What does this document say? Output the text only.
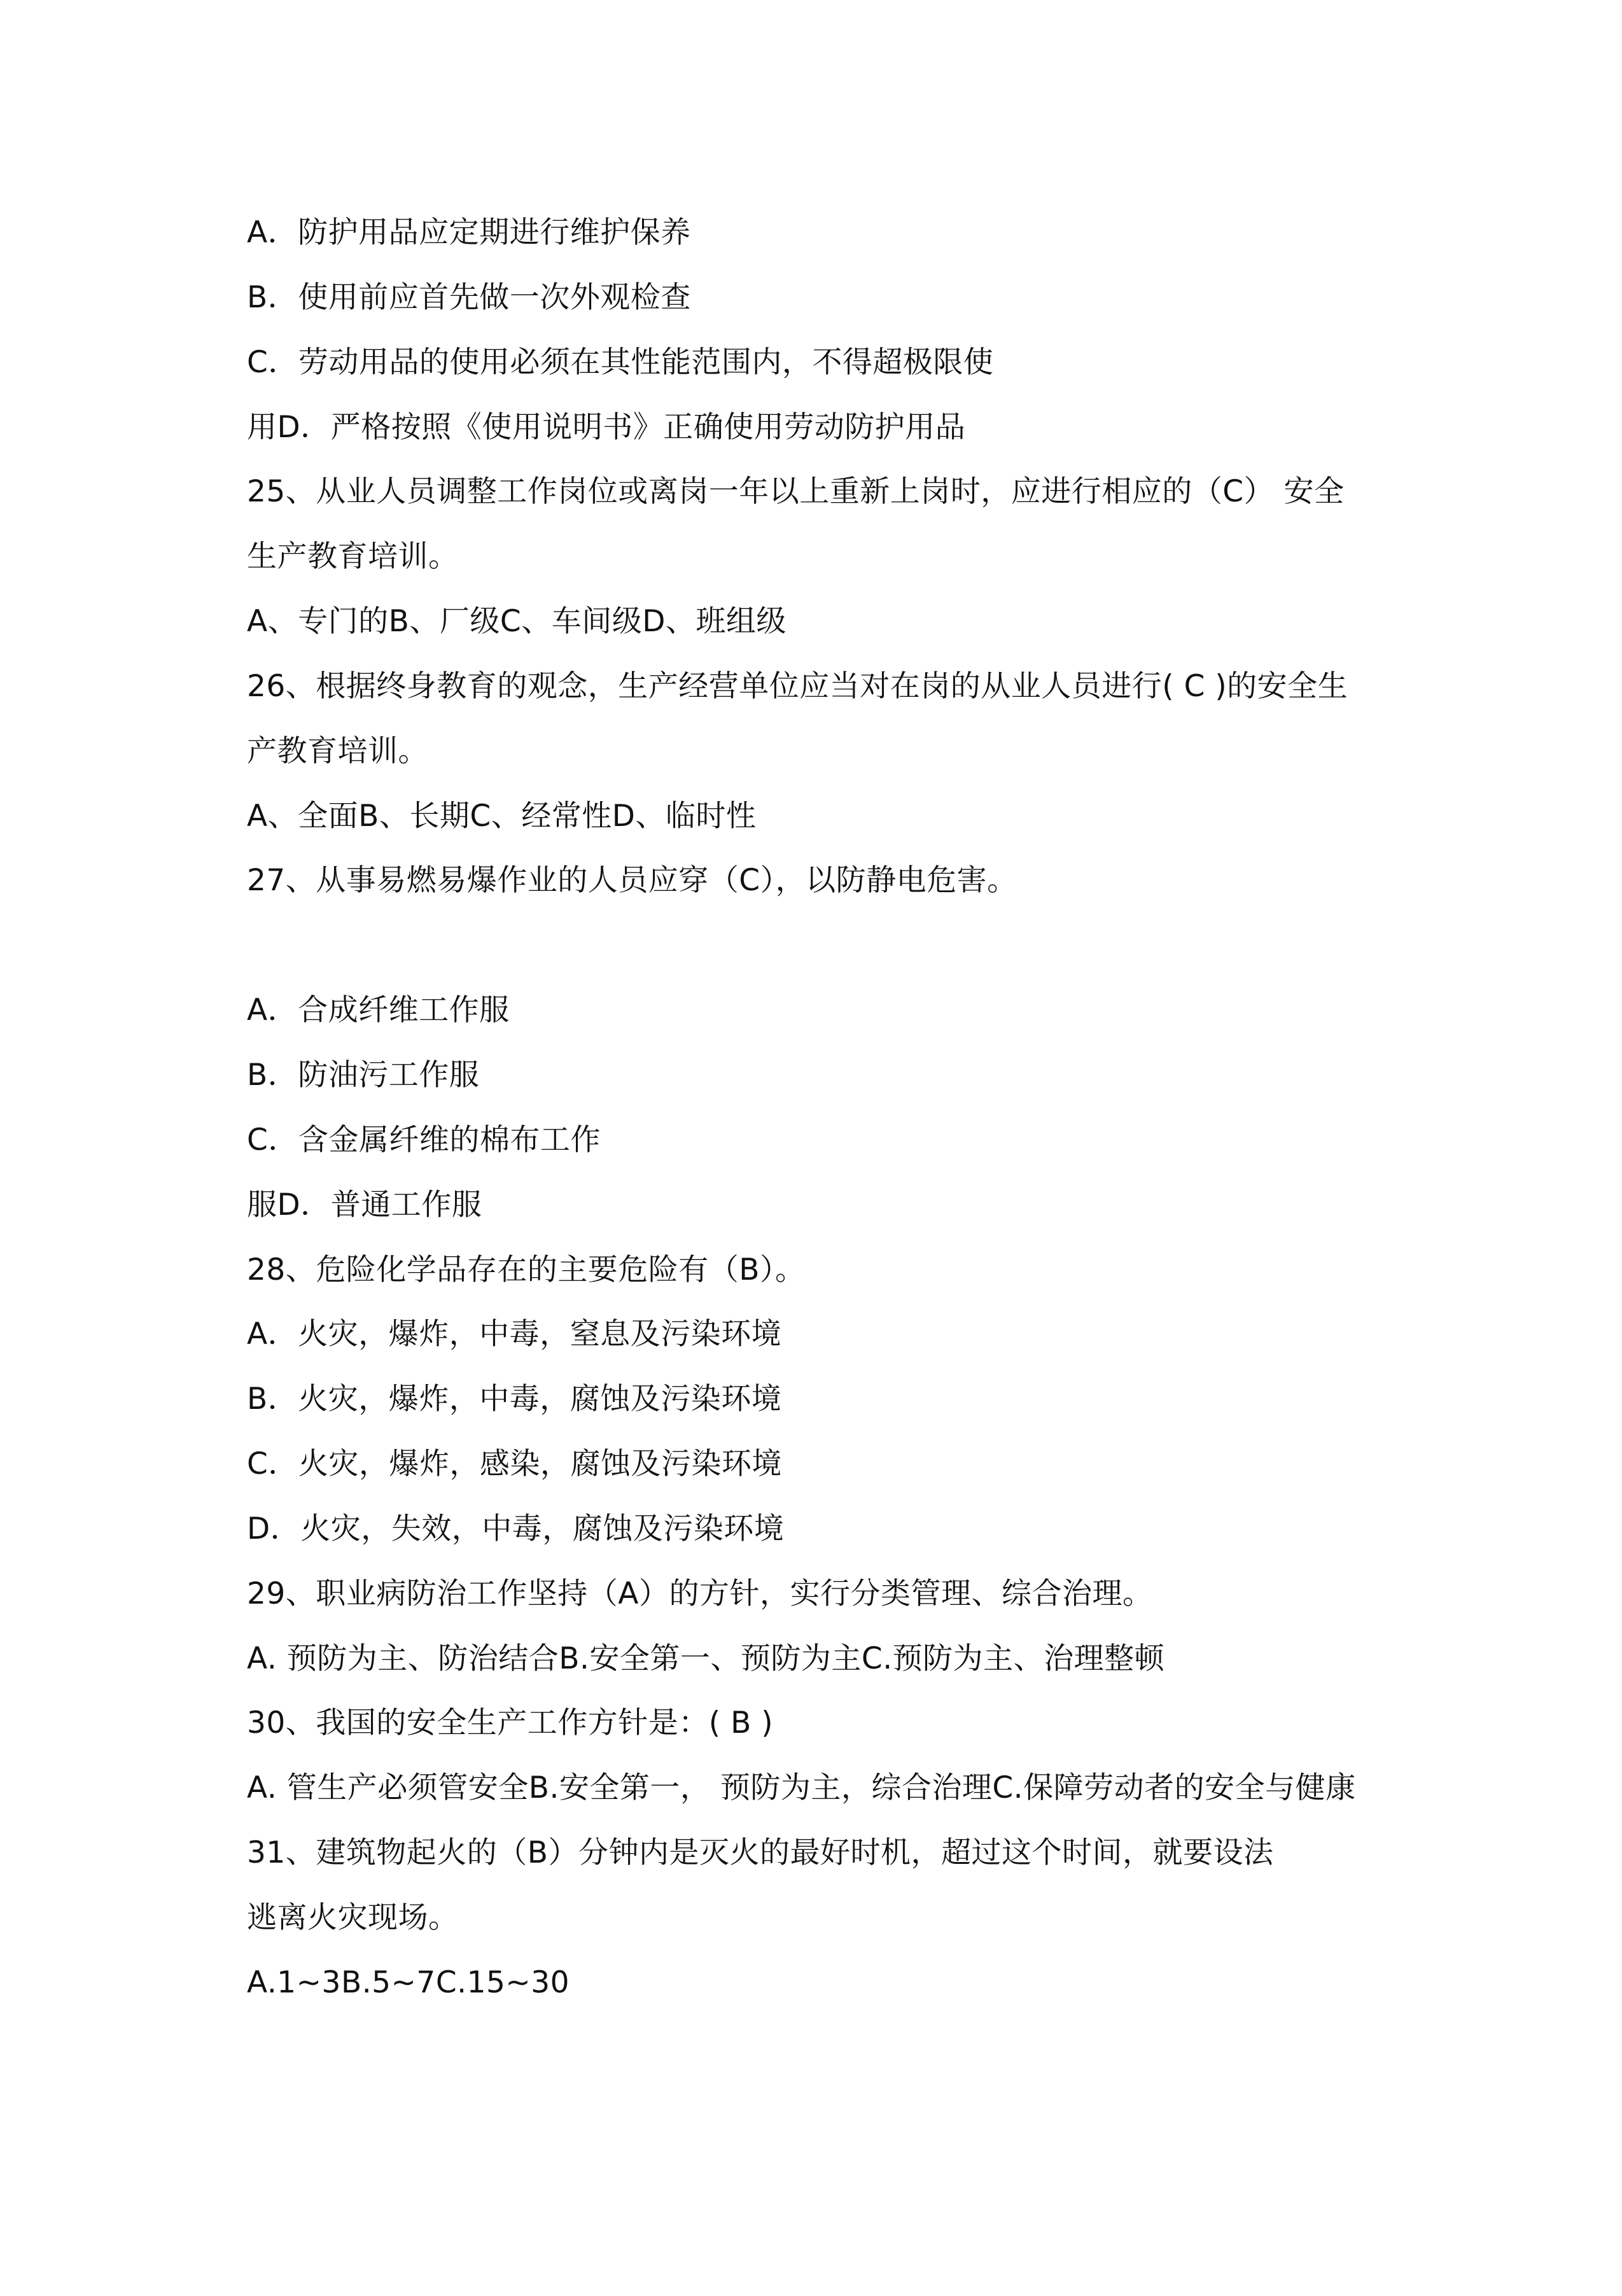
A．防护用品应定期进行维护保养

B．使用前应首先做一次外观检查

C．劳动用品的使用必须在其性能范围内，不得超极限使

用D．严格按照《使用说明书》正确使用劳动防护用品

25、从业人员调整工作岗位或离岗一年以上重新上岗时，应进行相应的（C） 安全

生产教育培训。

A、专门的B、厂级C、车间级D、班组级

26、根据终身教育的观念，生产经营单位应当对在岗的从业人员进行( C )的安全生

产教育培训。

A、全面B、长期C、经常性D、临时性

27、从事易燃易爆作业的人员应穿（C），以防静电危害。

A．合成纤维工作服

B．防油污工作服

C．含金属纤维的棉布工作

服D．普通工作服

28、危险化学品存在的主要危险有（B）。

A．火灾，爆炸，中毒，窒息及污染环境

B．火灾，爆炸，中毒，腐蚀及污染环境

C．火灾，爆炸，感染，腐蚀及污染环境

D．火灾，失效，中毒，腐蚀及污染环境

29、职业病防治工作坚持（A）的方针，实行分类管理、综合治理。

A. 预防为主、防治结合B.安全第一、预防为主C.预防为主、治理整顿

30、我国的安全生产工作方针是：( B )

A. 管生产必须管安全B.安全第一， 预防为主，综合治理C.保障劳动者的安全与健康

31、建筑物起火的（B）分钟内是灭火的最好时机，超过这个时间，就要设法

逃离火灾现场。

A.1~3B.5~7C.15~30
